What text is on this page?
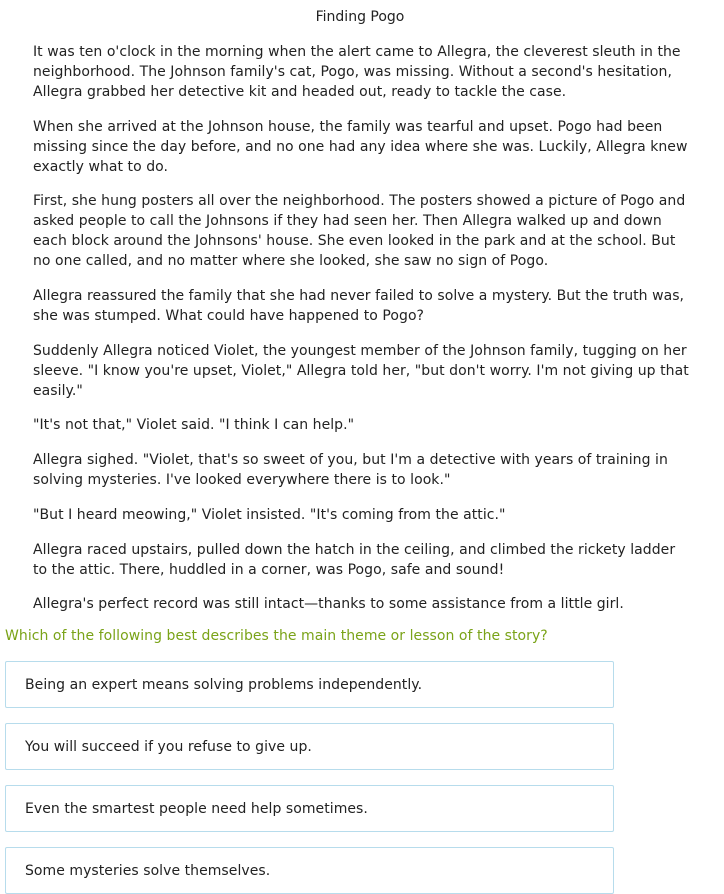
Finding Pogo

It was ten o'clock in the morning when the alert came to Allegra, the cleverest sleuth in the neighborhood. The Johnson family's cat, Pogo, was missing. Without a second's hesitation, Allegra grabbed her detective kit and headed out, ready to tackle the case.

When she arrived at the Johnson house, the family was tearful and upset. Pogo had been missing since the day before, and no one had any idea where she was. Luckily, Allegra knew exactly what to do.

First, she hung posters all over the neighborhood. The posters showed a picture of Pogo and asked people to call the Johnsons if they had seen her. Then Allegra walked up and down each block around the Johnsons' house. She even looked in the park and at the school. But no one called, and no matter where she looked, she saw no sign of Pogo.

Allegra reassured the family that she had never failed to solve a mystery. But the truth was, she was stumped. What could have happened to Pogo?

Suddenly Allegra noticed Violet, the youngest member of the Johnson family, tugging on her sleeve. "I know you're upset, Violet," Allegra told her, "but don't worry. I'm not giving up that easily."

"It's not that," Violet said. "I think I can help."

Allegra sighed. "Violet, that's so sweet of you, but I'm a detective with years of training in solving mysteries. I've looked everywhere there is to look."

"But I heard meowing," Violet insisted. "It's coming from the attic."

Allegra raced upstairs, pulled down the hatch in the ceiling, and climbed the rickety ladder to the attic. There, huddled in a corner, was Pogo, safe and sound!

Allegra's perfect record was still intact—thanks to some assistance from a little girl.

Which of the following best describes the main theme or lesson of the story?
Being an expert means solving problems independently.
You will succeed if you refuse to give up.
Even the smartest people need help sometimes.
Some mysteries solve themselves.
